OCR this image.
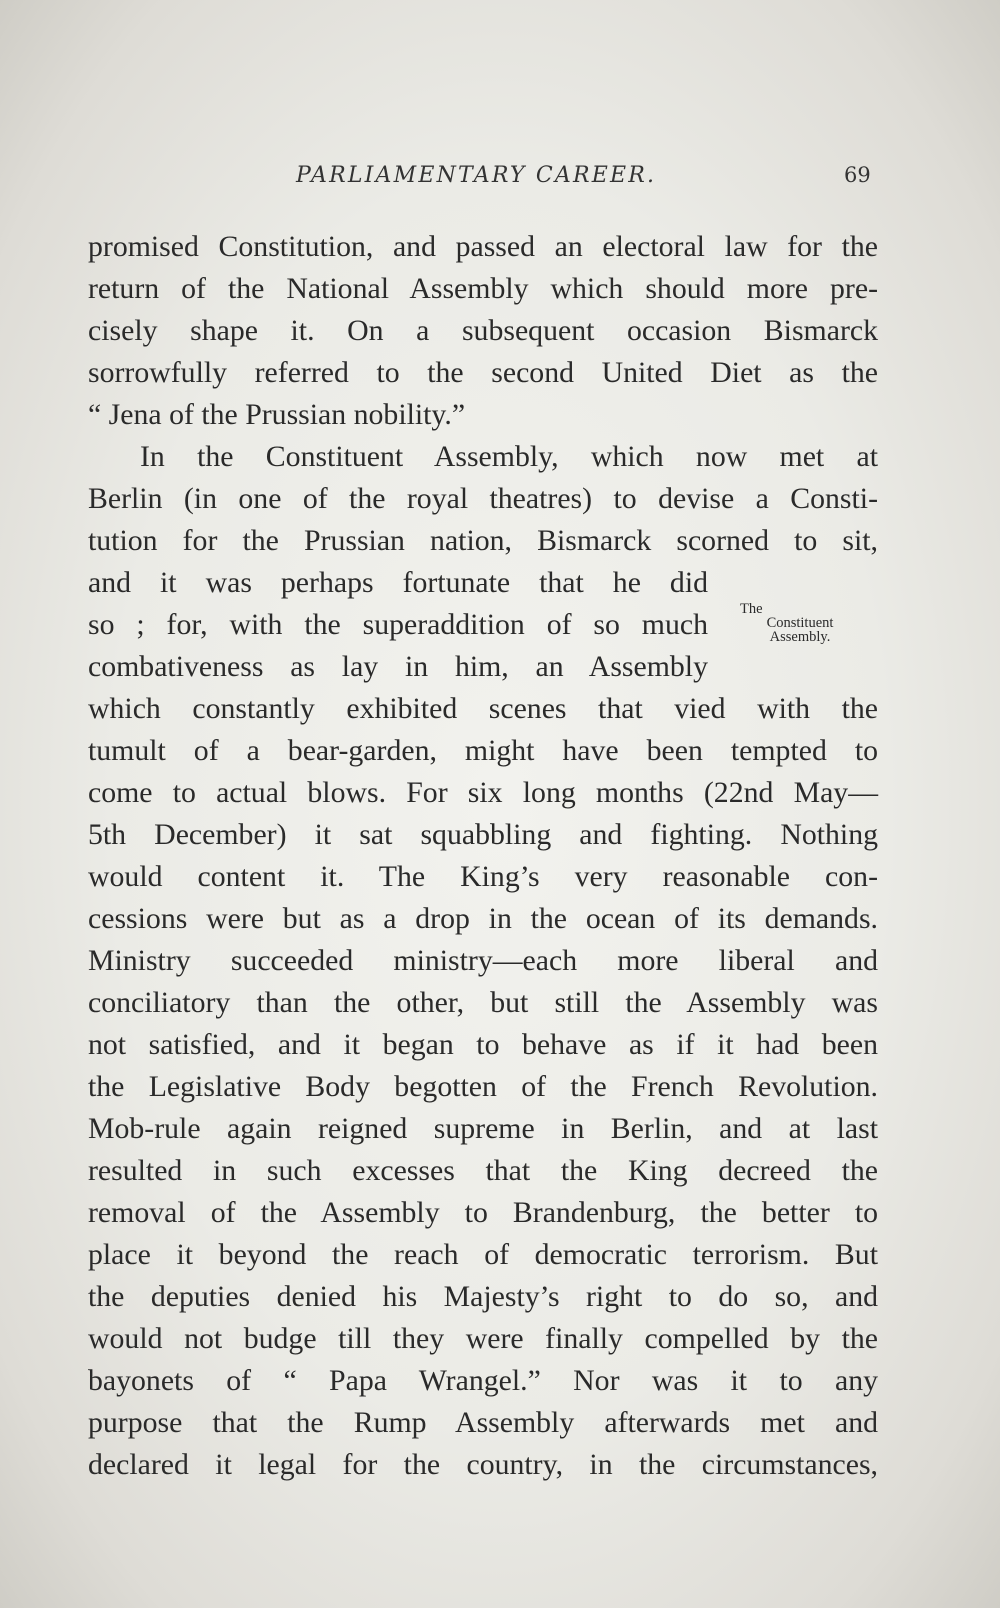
PARLIAMENTARY CAREER.	69
promised Constitution, and passed an electoral law for the
return of the National Assembly which should more pre-
cisely shape it. On a subsequent occasion Bismarck
sorrowfully referred to the second United Diet as the
“ Jena of the Prussian nobility.”
In the Constituent Assembly, which now met at
Berlin (in one of the royal theatres) to devise a Consti-
tution for the Prussian nation, Bismarck scorned to sit,
and it was perhaps fortunate that he did
so ; for, with the superaddition of so much
combativeness as lay in him, an Assembly
which constantly exhibited scenes that vied with the
tumult of a bear-garden, might have been tempted to
come to actual blows. For six long months (22nd May—
5th December) it sat squabbling and fighting. Nothing
would content it. The King’s very reasonable con-
cessions were but as a drop in the ocean of its demands.
Ministry succeeded ministry—each more liberal and
conciliatory than the other, but still the Assembly was
not satisfied, and it began to behave as if it had been
the Legislative Body begotten of the French Revolution.
Mob-rule again reigned supreme in Berlin, and at last
resulted in such excesses that the King decreed the
removal of the Assembly to Brandenburg, the better to
place it beyond the reach of democratic terrorism. But
the deputies denied his Majesty’s right to do so, and
would not budge till they were finally compelled by the
bayonets of “ Papa Wrangel.” Nor was it to any
purpose that the Rump Assembly afterwards met and
declared it legal for the country, in the circumstances,
The
Constituent
Assembly.
